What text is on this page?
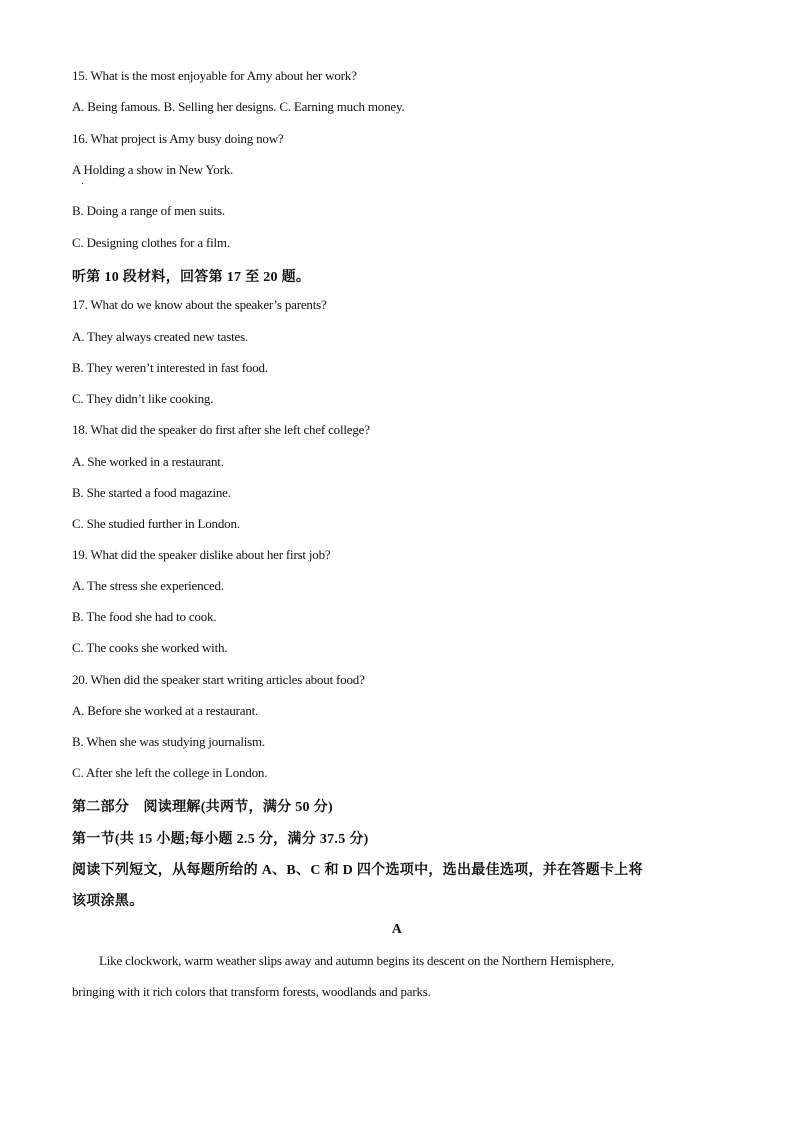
15. What is the most enjoyable for Amy about her work?
A. Being famous. B. Selling her designs. C. Earning much money.
16. What project is Amy busy doing now?
A Holding a show in New York.
B. Doing a range of men suits.
C. Designing clothes for a film.
听第 10 段材料，回答第 17 至 20 题。
17. What do we know about the speaker’s parents?
A. They always created new tastes.
B. They weren’t interested in fast food.
C. They didn’t like cooking.
18. What did the speaker do first after she left chef college?
A. She worked in a restaurant.
B. She started a food magazine.
C. She studied further in London.
19. What did the speaker dislike about her first job?
A. The stress she experienced.
B. The food she had to cook.
C. The cooks she worked with.
20. When did the speaker start writing articles about food?
A. Before she worked at a restaurant.
B. When she was studying journalism.
C. After she left the college in London.
第二部分　阅读理解(共两节，满分 50 分)
第一节(共 15 小题;每小题 2.5 分，满分 37.5 分)
阅读下列短文，从每题所给的 A、B、C 和 D 四个选项中，选出最佳选项，并在答题卡上将
该项涂黑。
A
Like clockwork, warm weather slips away and autumn begins its descent on the Northern Hemisphere,
bringing with it rich colors that transform forests, woodlands and parks.
